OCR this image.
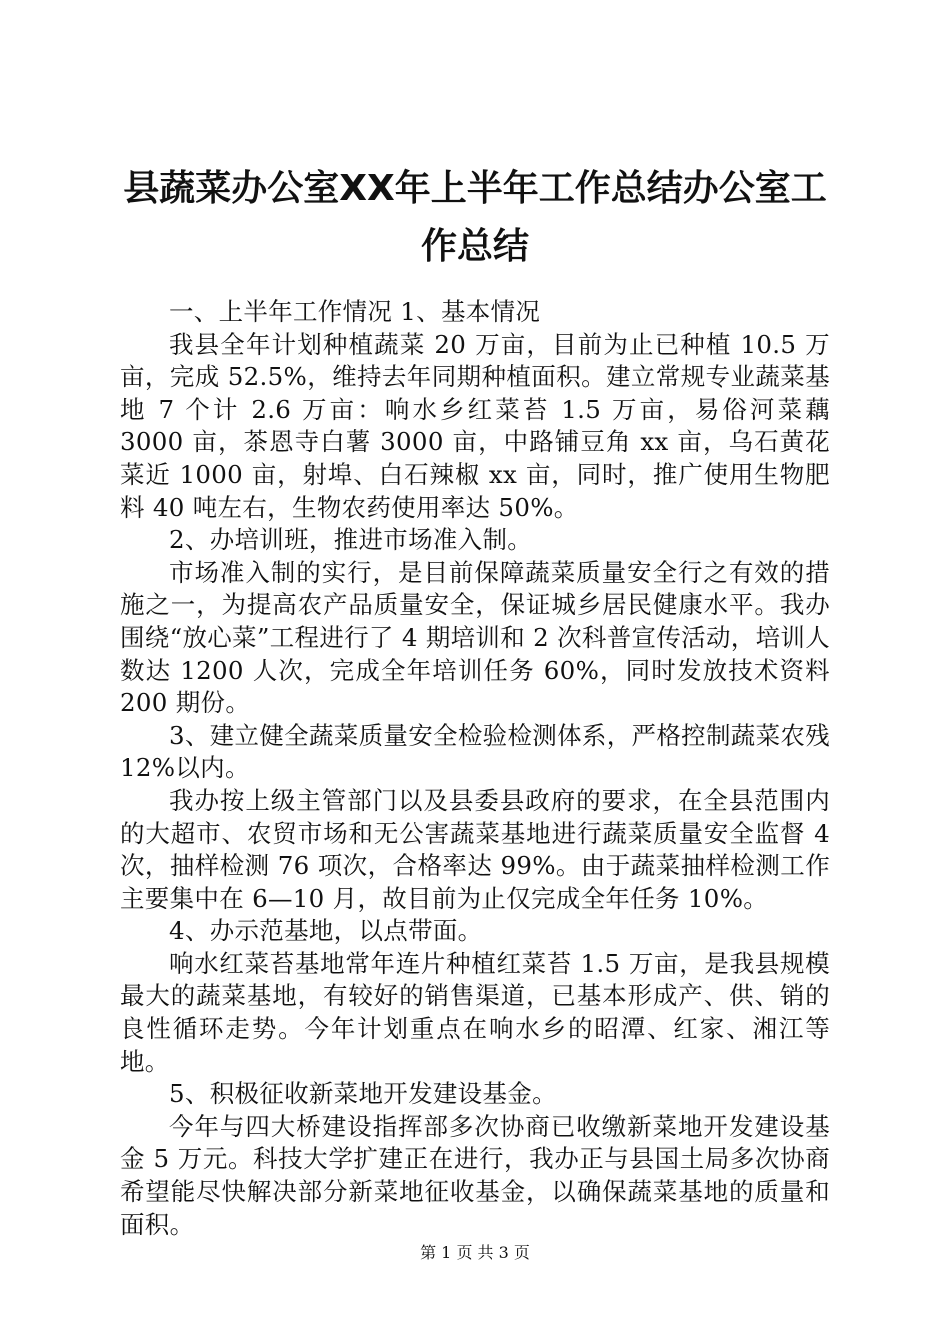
县蔬菜办公室XX年上半年工作总结办公室工作总结

一、上半年工作情况 1、基本情况

我县全年计划种植蔬菜 20 万亩，目前为止已种植 10.5 万亩，完成 52.5%，维持去年同期种植面积。建立常规专业蔬菜基地 7 个计 2.6 万亩：响水乡红菜苔 1.5 万亩，易俗河菜藕 3000 亩，茶恩寺白薯 3000 亩，中路铺豆角 xx 亩，乌石黄花菜近 1000 亩，射埠、白石辣椒 xx 亩，同时，推广使用生物肥料 40 吨左右，生物农药使用率达 50%。

2、办培训班，推进市场准入制。

市场准入制的实行，是目前保障蔬菜质量安全行之有效的措施之一，为提高农产品质量安全，保证城乡居民健康水平。我办围绕“放心菜”工程进行了 4 期培训和 2 次科普宣传活动，培训人数达 1200 人次，完成全年培训任务 60%，同时发放技术资料 200 期份。

3、建立健全蔬菜质量安全检验检测体系，严格控制蔬菜农残 12%以内。

我办按上级主管部门以及县委县政府的要求，在全县范围内的大超市、农贸市场和无公害蔬菜基地进行蔬菜质量安全监督 4 次，抽样检测 76 项次，合格率达 99%。由于蔬菜抽样检测工作主要集中在 6—10 月，故目前为止仅完成全年任务 10%。

4、办示范基地，以点带面。

响水红菜苔基地常年连片种植红菜苔 1.5 万亩，是我县规模最大的蔬菜基地，有较好的销售渠道，已基本形成产、供、销的良性循环走势。今年计划重点在响水乡的昭潭、红家、湘江等地。

5、积极征收新菜地开发建设基金。

今年与四大桥建设指挥部多次协商已收缴新菜地开发建设基金 5 万元。科技大学扩建正在进行，我办正与县国土局多次协商希望能尽快解决部分新菜地征收基金，以确保蔬菜基地的质量和面积。

第 1 页 共 3 页
